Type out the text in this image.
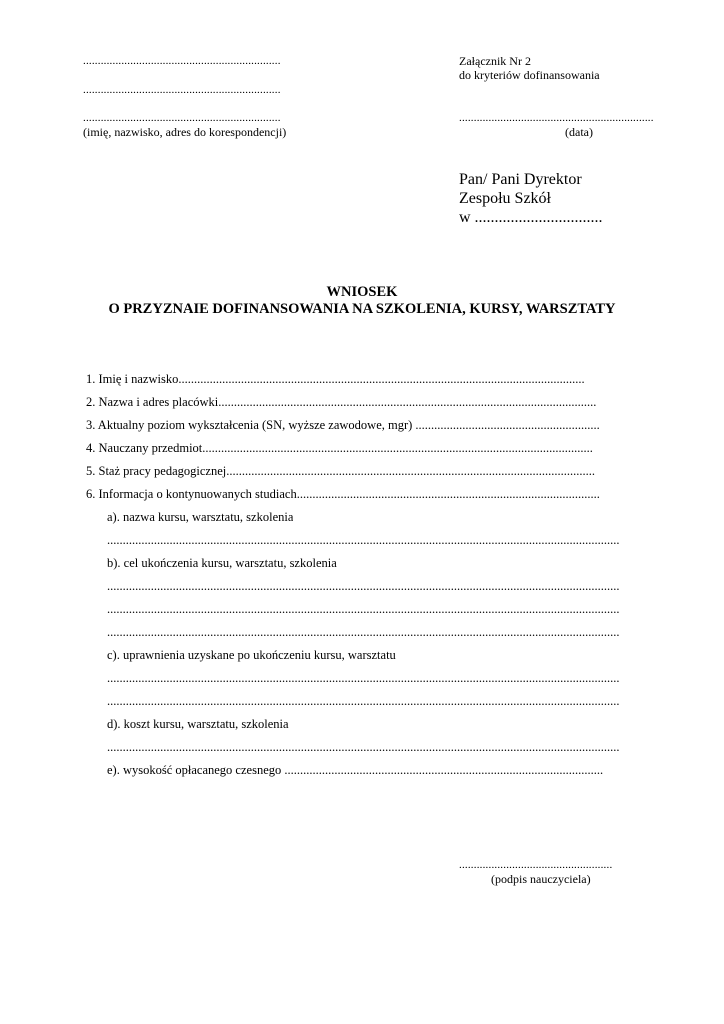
...................................................................
...................................................................
...................................................................
(imię, nazwisko, adres do korespondencji)
Załącznik Nr 2
do kryteriów dofinansowania
..................................................................
(data)
Pan/ Pani Dyrektor
Zespołu Szkół
w ................................
WNIOSEK
O PRZYZNAIE DOFINANSOWANIA NA SZKOLENIA, KURSY, WARSZTATY
1. Imię i nazwisko..................................................................................................................................
2. Nazwa i adres placówki.........................................................................................................................
3. Aktualny poziom wykształcenia (SN, wyższe zawodowe, mgr) ...........................................................
4. Nauczany przedmiot.............................................................................................................................
5. Staż pracy pedagogicznej......................................................................................................................
6. Informacja o kontynuowanych studiach.................................................................................................
a). nazwa kursu, warsztatu, szkolenia
....................................................................................................................................................................
b). cel ukończenia kursu, warsztatu, szkolenia
....................................................................................................................................................................
....................................................................................................................................................................
....................................................................................................................................................................
c). uprawnienia uzyskane po ukończeniu kursu, warsztatu
....................................................................................................................................................................
....................................................................................................................................................................
d). koszt kursu, warsztatu, szkolenia
....................................................................................................................................................................
e). wysokość opłacanego czesnego ......................................................................................................
....................................................
(podpis nauczyciela)
